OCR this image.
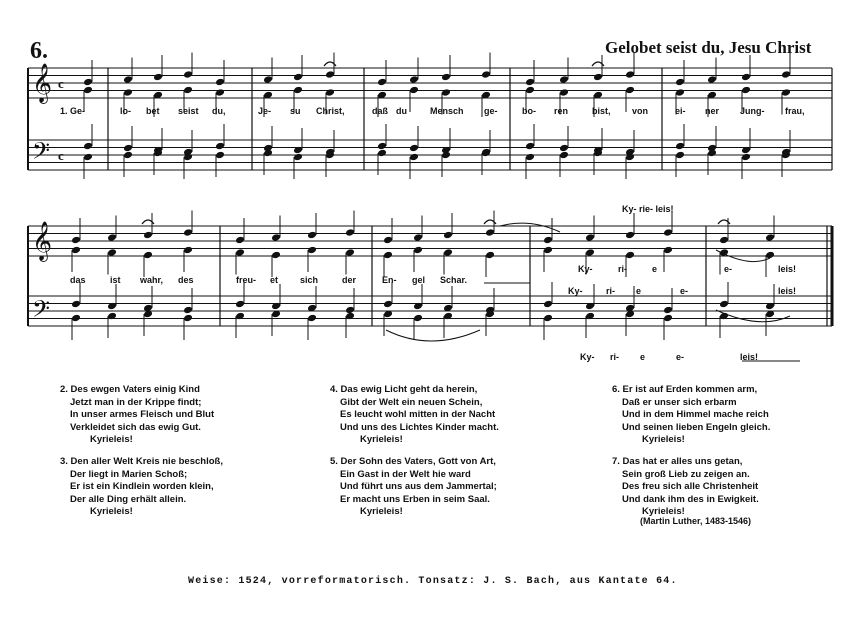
6.	Gelobet seist du, Jesu Christ
𝄞
𝄢
𝄞
𝄢
c
c
1. Ge-	lo- bet seist du,	Je- su Christ,	daß du	Mensch ge-	bo- ren	bist, von	ei- ner Jung- frau,
Ky- rie- leis!
das	ist wahr, des	freu- et sich	der	En- gel Schar.
Ky-	ri-	e	e-	leis!
Ky-	ri- e	e-	leis!
Ky- ri- e	e-	leis!
2. Des ewgen Vaters einig Kind
Jetzt man in der Krippe findt;
In unser armes Fleisch und Blut
Verkleidet sich das ewig Gut.
Kyrieleis!
3. Den aller Welt Kreis nie beschloß,
Der liegt in Marien Schoß;
Er ist ein Kindlein worden klein,
Der alle Ding erhält allein.
Kyrieleis!
4. Das ewig Licht geht da herein,
Gibt der Welt ein neuen Schein,
Es leucht wohl mitten in der Nacht
Und uns des Lichtes Kinder macht.
Kyrieleis!
5. Der Sohn des Vaters, Gott von Art,
Ein Gast in der Welt hie ward
Und führt uns aus dem Jammertal;
Er macht uns Erben in seim Saal.
Kyrieleis!
6. Er ist auf Erden kommen arm,
Daß er unser sich erbarm
Und in dem Himmel mache reich
Und seinen lieben Engeln gleich.
Kyrieleis!
7. Das hat er alles uns getan,
Sein groß Lieb zu zeigen an.
Des freu sich alle Christenheit
Und dank ihm des in Ewigkeit.
Kyrieleis!
(Martin Luther, 1483-1546)
Weise: 1524, vorreformatorisch. Tonsatz: J. S. Bach, aus Kantate 64.
